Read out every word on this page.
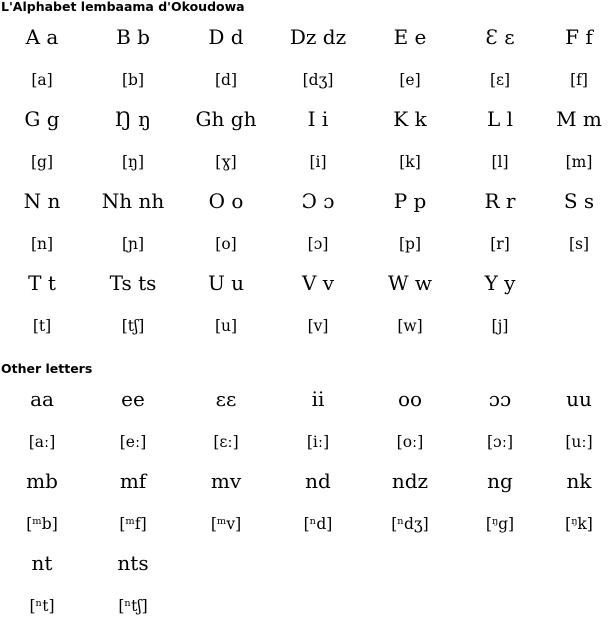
L'Alphabet lembaama d'Okoudowa
A a	B b	D d	Dz dz	E e	Ɛ ɛ	F f
[a]	[b]	[d]	[dʒ]	[e]	[ɛ]	[f]
G g	Ŋ ŋ	Gh gh	I i	K k	L l	M m
[g]	[ŋ]	[ɣ]	[i]	[k]	[l]	[m]
N n	Nh nh	O o	Ɔ ɔ	P p	R r	S s
[n]	[ɲ]	[o]	[ɔ]	[p]	[r]	[s]
T t	Ts ts	U u	V v	W w	Y y
[t]	[tʃ]	[u]	[v]	[w]	[j]
Other letters
aa	ee	ɛɛ	ii	oo	ɔɔ	uu
[aː]	[eː]	[ɛː]	[iː]	[oː]	[ɔː]	[uː]
mb	mf	mv	nd	ndz	ng	nk
[ᵐb]	[ᵐf]	[ᵐv]	[ⁿd]	[ⁿdʒ]	[ᵑg]	[ᵑk]
nt	nts
[ⁿt]	[ⁿtʃ]
